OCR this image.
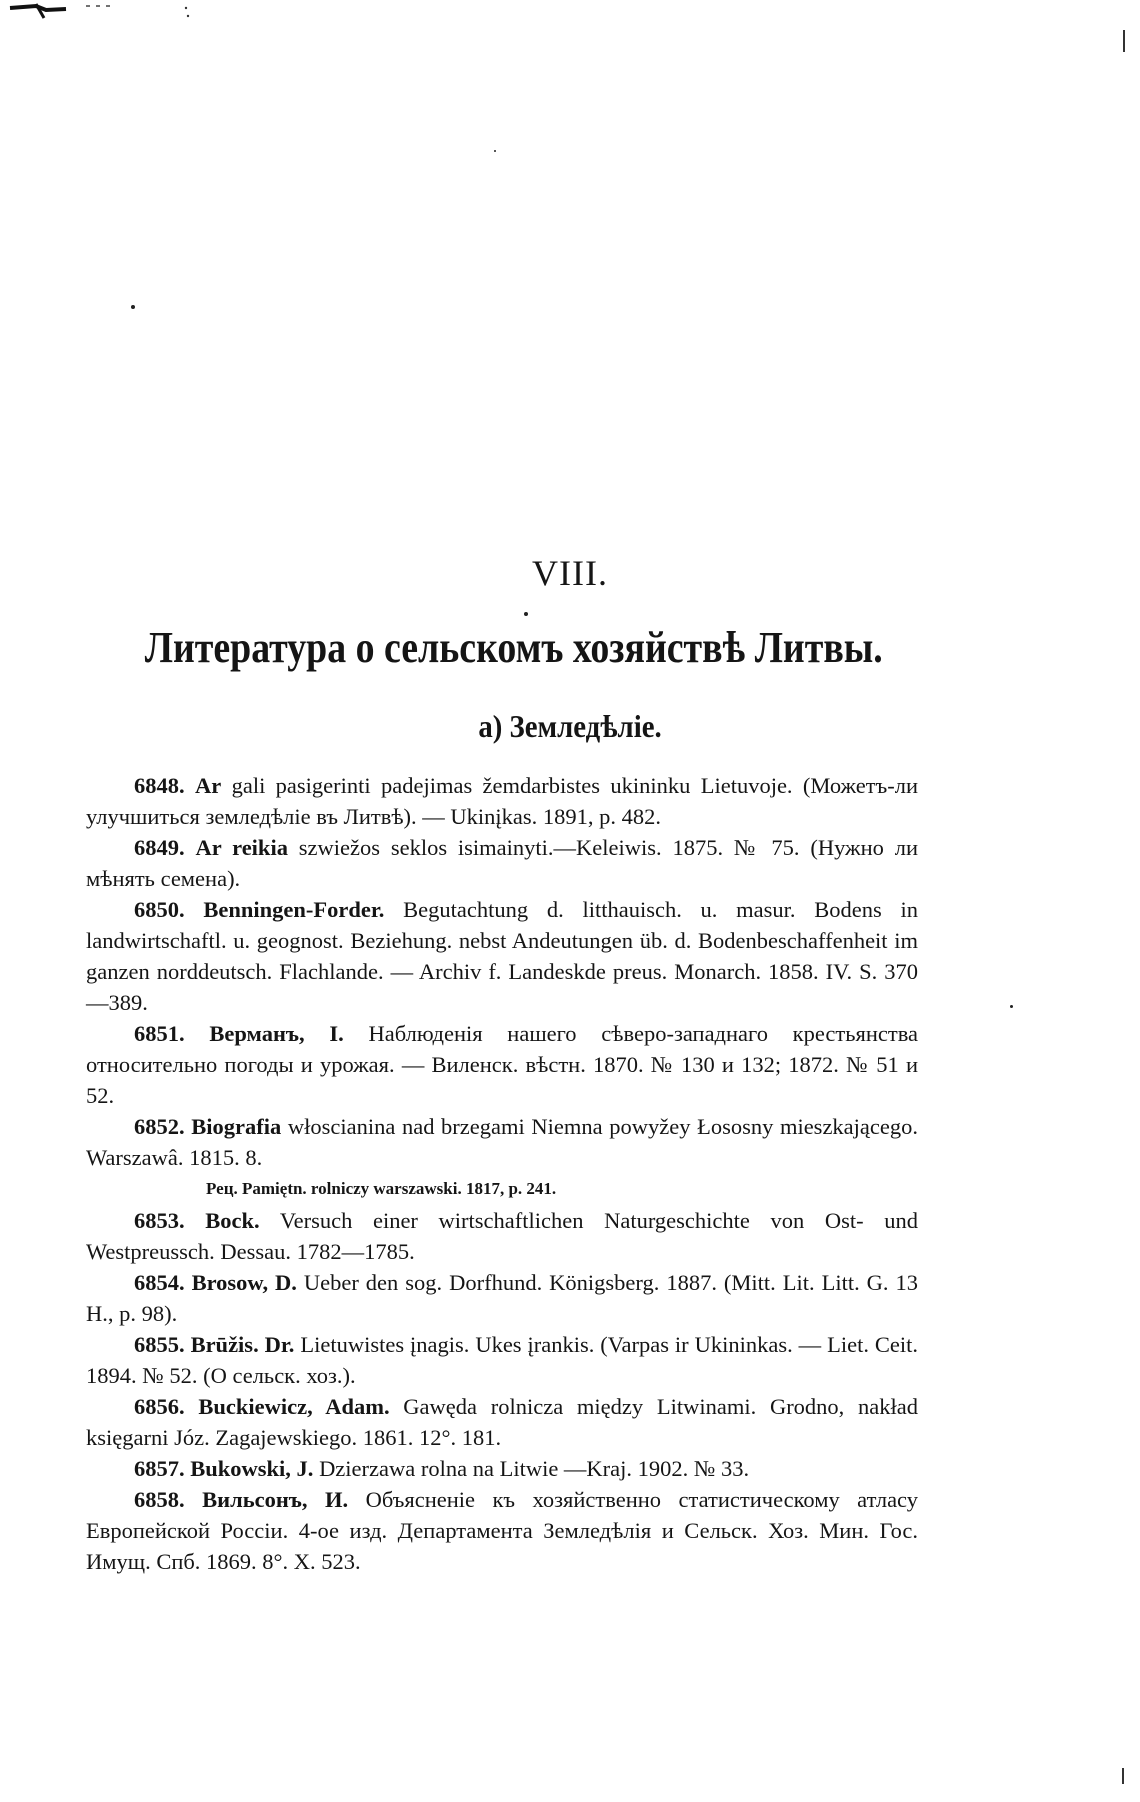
VIII.
Литература о сельскомъ хозяйствѣ Литвы.
а) Земледѣлiе.

6848. Ar gali pasigerinti padejimas žemdarbistes ukininku Lietuvoje. (Можетъ-ли улучшиться земледѣлiе въ Литвѣ). — Ukinįkas. 1891, p. 482.

6849. Ar reikia szwiežos seklos isimainyti.—Keleiwis. 1875. № 75. (Нужно ли мѣнять семена).

6850. Benningen-Forder. Begutachtung d. litthauisch. u. masur. Bodens in landwirtschaftl. u. geognost. Beziehung. nebst Andeutungen üb. d. Bodenbeschaffenheit im ganzen norddeutsch. Flachlande. — Archiv f. Landeskde preus. Monarch. 1858. IV. S. 370—389.

6851. Верманъ, I. Наблюденiя нашего сѣверо-западнаго крестьянства относительно погоды и урожая. — Виленск. вѣстн. 1870. № 130 и 132; 1872. № 51 и 52.

6852. Biografia włoscianina nad brzegami Niemna powyžey Łososny mieszkającego. Warszawâ. 1815. 8.

Рец. Pamiętn. rolniczy warszawski. 1817, p. 241.

6853. Bock. Versuch einer wirtschaftlichen Naturgeschichte von Ost- und Westpreussch. Dessau. 1782—1785.

6854. Brosow, D. Ueber den sog. Dorfhund. Königsberg. 1887. (Mitt. Lit. Litt. G. 13 H., p. 98).

6855. Brūžis. Dr. Lietuwistes įnagis. Ukes įrankis. (Varpas ir Ukininkas. — Liet. Ceit. 1894. № 52. (О сельск. хоз.).

6856. Buckiewicz, Adam. Gawęda rolnicza między Litwinami. Grodno, nakład księgarni Józ. Zagajewskiego. 1861. 12°. 181.

6857. Bukowski, J. Dzierzawa rolna na Litwie —Kraj. 1902. № 33.

6858. Вильсонъ, И. Объясненiе къ хозяйственно статистическому атласу Европейской Россiи. 4-ое изд. Департамента Земледѣлiя и Сельск. Хоз. Мин. Гос. Имущ. Спб. 1869. 8°. X. 523.
